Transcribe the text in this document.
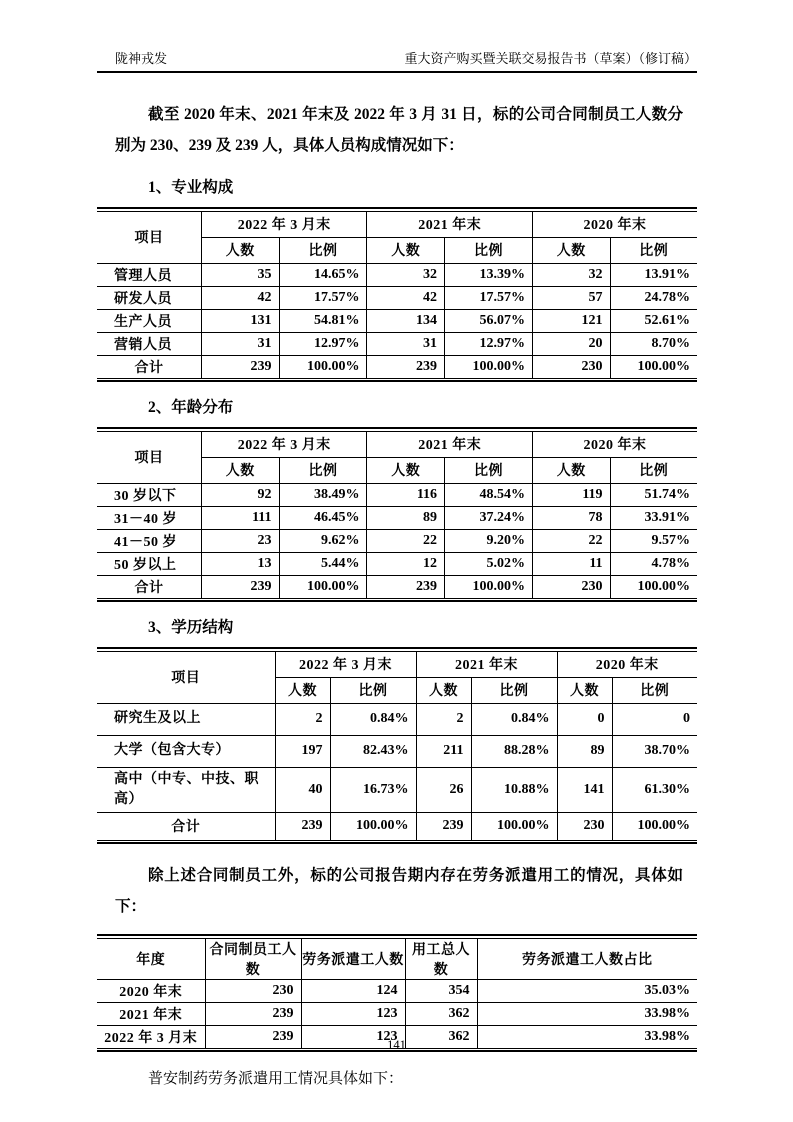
陇神戎发	重大资产购买暨关联交易报告书（草案）（修订稿）

截至 2020 年末、2021 年末及 2022 年 3 月 31 日，标的公司合同制员工人数分别为 230、239 及 239 人，具体人员构成情况如下：

1、专业构成
项目	2022 年 3 月末		2021 年末		2020 年末	
	人数	比例	人数	比例	人数	比例
管理人员	35	14.65%	32	13.39%	32	13.91%
研发人员	42	17.57%	42	17.57%	57	24.78%
生产人员	131	54.81%	134	56.07%	121	52.61%
营销人员	31	12.97%	31	12.97%	20	8.70%
合计	239	100.00%	239	100.00%	230	100.00%
2、年龄分布
项目	2022 年 3 月末		2021 年末		2020 年末	
	人数	比例	人数	比例	人数	比例
30 岁以下	92	38.49%	116	48.54%	119	51.74%
31－40 岁	111	46.45%	89	37.24%	78	33.91%
41－50 岁	23	9.62%	22	9.20%	22	9.57%
50 岁以上	13	5.44%	12	5.02%	11	4.78%
合计	239	100.00%	239	100.00%	230	100.00%
3、学历结构
项目	2022 年 3 月末		2021 年末		2020 年末	
	人数	比例	人数	比例	人数	比例
研究生及以上	2	0.84%	2	0.84%	0	0
大学（包含大专）	197	82.43%	211	88.28%	89	38.70%
高中（中专、中技、职高）	40	16.73%	26	10.88%	141	61.30%
合计	239	100.00%	239	100.00%	230	100.00%

除上述合同制员工外，标的公司报告期内存在劳务派遣用工的情况，具体如下：

年度	合同制员工人数	劳务派遣工人数	用工总人数	劳务派遣工人数占比
2020 年末	230	124	354	35.03%
2021 年末	239	123	362	33.98%
2022 年 3 月末	239	123	362	33.98%

普安制药劳务派遣用工情况具体如下：

141
